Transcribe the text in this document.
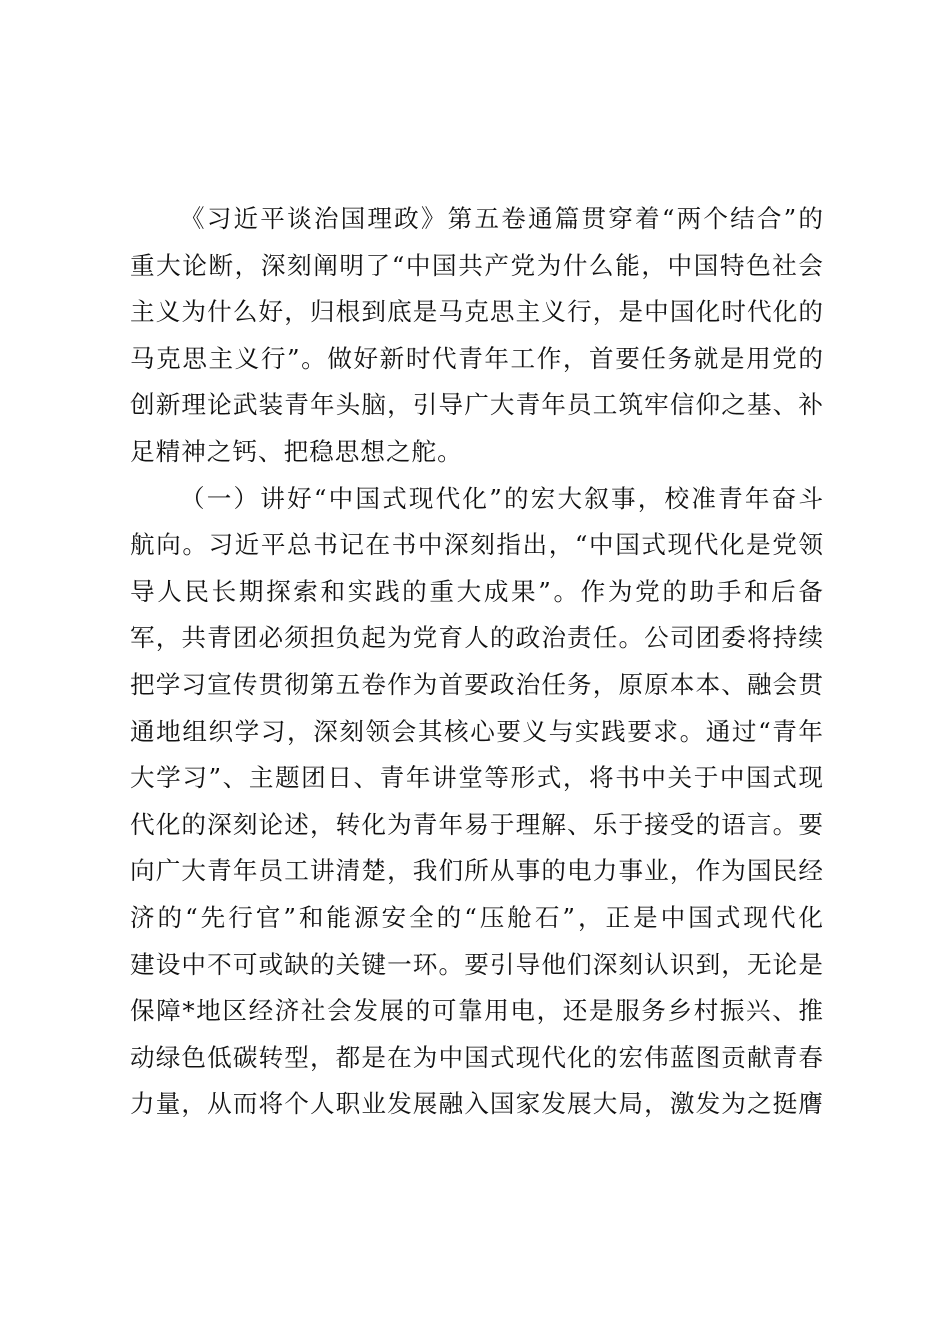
《习近平谈治国理政》第五卷通篇贯穿着“两个结合”的
重大论断，深刻阐明了“中国共产党为什么能，中国特色社会
主义为什么好，归根到底是马克思主义行，是中国化时代化的
马克思主义行”。做好新时代青年工作，首要任务就是用党的
创新理论武装青年头脑，引导广大青年员工筑牢信仰之基、补
足精神之钙、把稳思想之舵。
（一）讲好“中国式现代化”的宏大叙事，校准青年奋斗
航向。习近平总书记在书中深刻指出，“中国式现代化是党领
导人民长期探索和实践的重大成果”。作为党的助手和后备
军，共青团必须担负起为党育人的政治责任。公司团委将持续
把学习宣传贯彻第五卷作为首要政治任务，原原本本、融会贯
通地组织学习，深刻领会其核心要义与实践要求。通过“青年
大学习”、主题团日、青年讲堂等形式，将书中关于中国式现
代化的深刻论述，转化为青年易于理解、乐于接受的语言。要
向广大青年员工讲清楚，我们所从事的电力事业，作为国民经
济的“先行官”和能源安全的“压舱石”，正是中国式现代化
建设中不可或缺的关键一环。要引导他们深刻认识到，无论是
保障*地区经济社会发展的可靠用电，还是服务乡村振兴、推
动绿色低碳转型，都是在为中国式现代化的宏伟蓝图贡献青春
力量，从而将个人职业发展融入国家发展大局，激发为之挺膺
